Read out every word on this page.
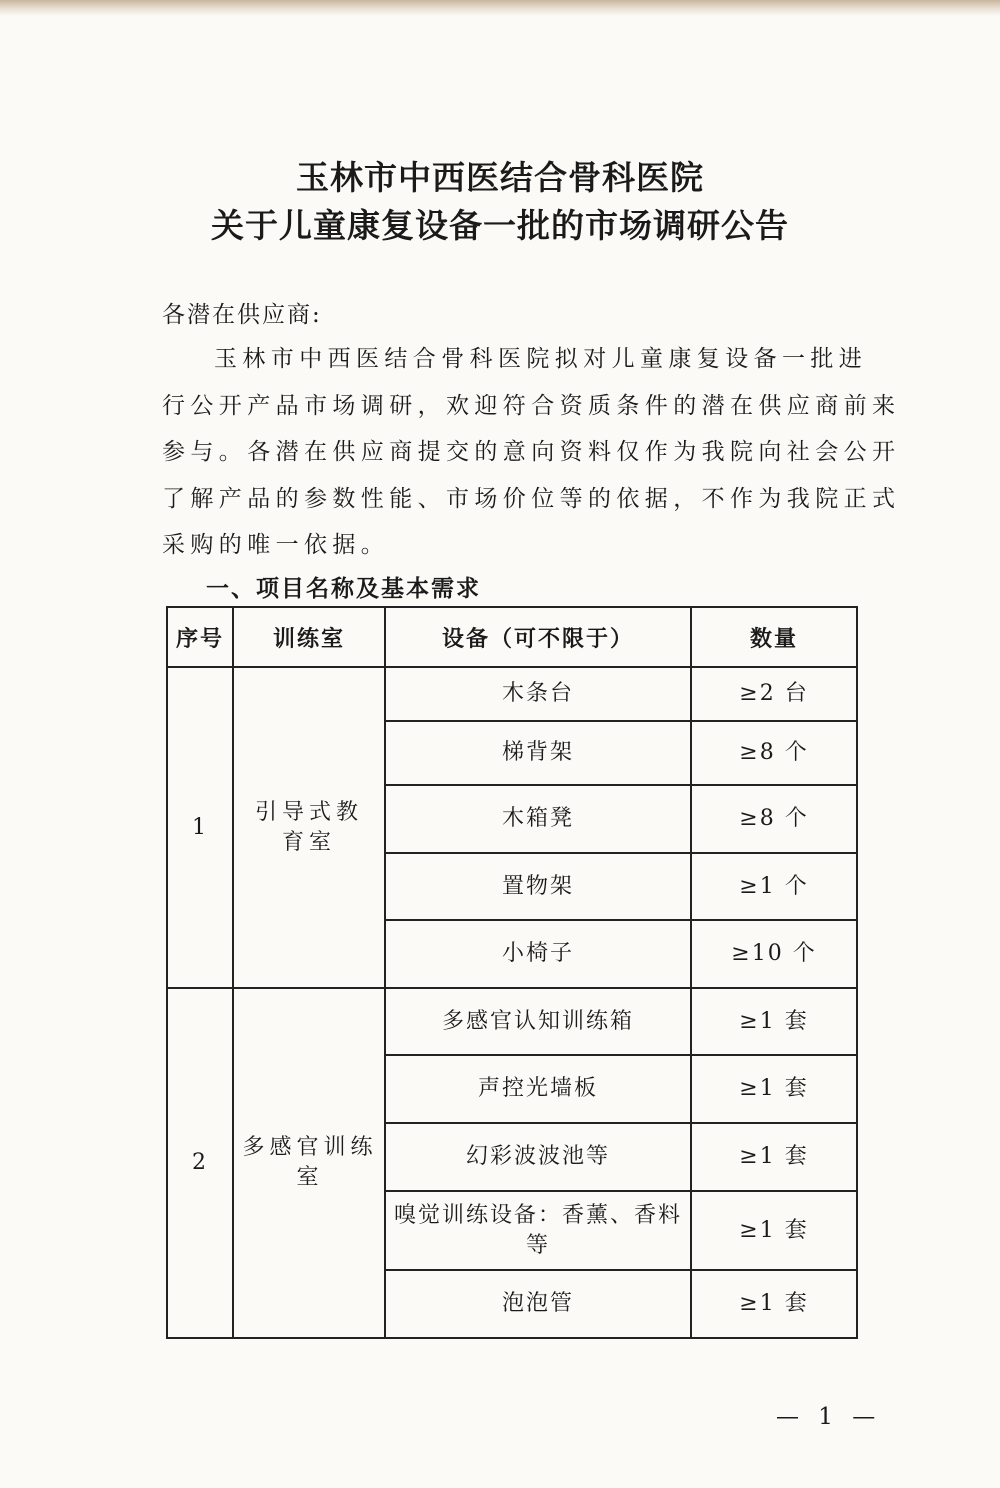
玉林市中西医结合骨科医院
关于儿童康复设备一批的市场调研公告
各潜在供应商:
玉林市中西医结合骨科医院拟对儿童康复设备一批进
行公开产品市场调研，欢迎符合资质条件的潜在供应商前来
参与。各潜在供应商提交的意向资料仅作为我院向社会公开
了解产品的参数性能、市场价位等的依据，不作为我院正式
采购的唯一依据。
一、项目名称及基本需求
序号	训练室	设备（可不限于）	数量
1	引导式教育室	木条台	≥2 台
		梯背架	≥8 个
		木箱凳	≥8 个
		置物架	≥1 个
		小椅子	≥10 个
2	多感官训练室	多感官认知训练箱	≥1 套
		声控光墙板	≥1 套
		幻彩波波池等	≥1 套
		嗅觉训练设备：香薰、香料等	≥1 套
		泡泡管	≥1 套
— 1 —
